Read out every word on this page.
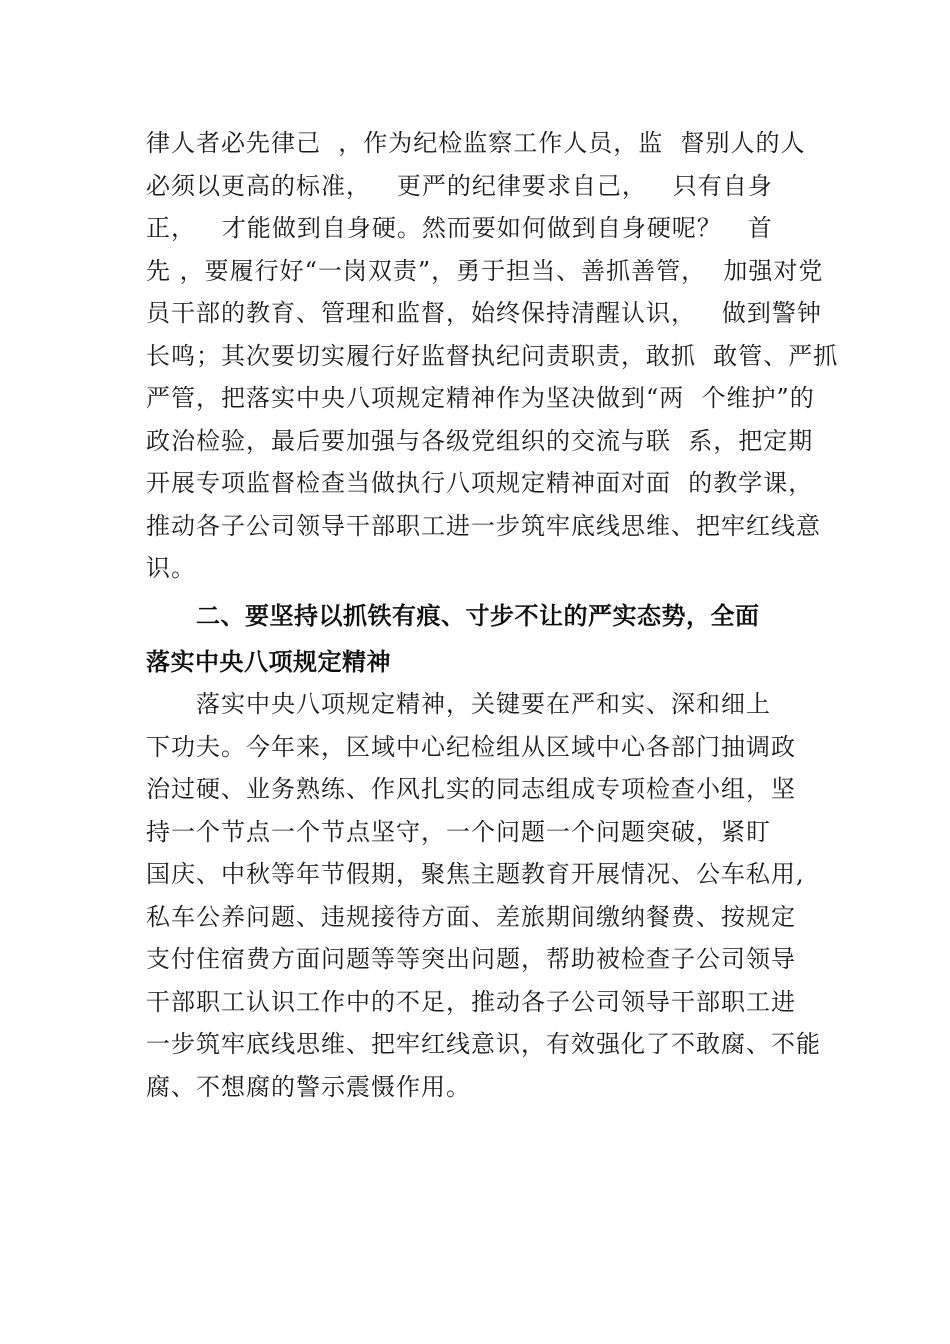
律人者必先律己  ，作为纪检监察工作人员，监  督别人的人
必须以更高的标准，   更严的纪律要求自己，   只有自身
正，   才能做到自身硬。然而要如何做到自身硬呢？   首
先 ，要履行好“一岗双责”，勇于担当、善抓善管，  加强对党
员干部的教育、管理和监督，始终保持清醒认识，   做到警钟
长鸣；其次要切实履行好监督执纪问责职责，敢抓  敢管、严抓
严管，把落实中央八项规定精神作为坚决做到“两  个维护”的
政治检验，最后要加强与各级党组织的交流与联  系，把定期
开展专项监督检查当做执行八项规定精神面对面  的教学课，
推动各子公司领导干部职工进一步筑牢底线思维、把牢红线意
识。
二、要坚持以抓铁有痕、寸步不让的严实态势，全面
落实中央八项规定精神
落实中央八项规定精神，关键要在严和实、深和细上
下功夫。今年来，区域中心纪检组从区域中心各部门抽调政
治过硬、业务熟练、作风扎实的同志组成专项检查小组，坚
持一个节点一个节点坚守，一个问题一个问题突破，紧盯
国庆、中秋等年节假期，聚焦主题教育开展情况、公车私用,
私车公养问题、违规接待方面、差旅期间缴纳餐费、按规定
支付住宿费方面问题等等突出问题，帮助被检查子公司领导
干部职工认识工作中的不足，推动各子公司领导干部职工进
一步筑牢底线思维、把牢红线意识，有效强化了不敢腐、不能
腐、不想腐的警示震慑作用。
